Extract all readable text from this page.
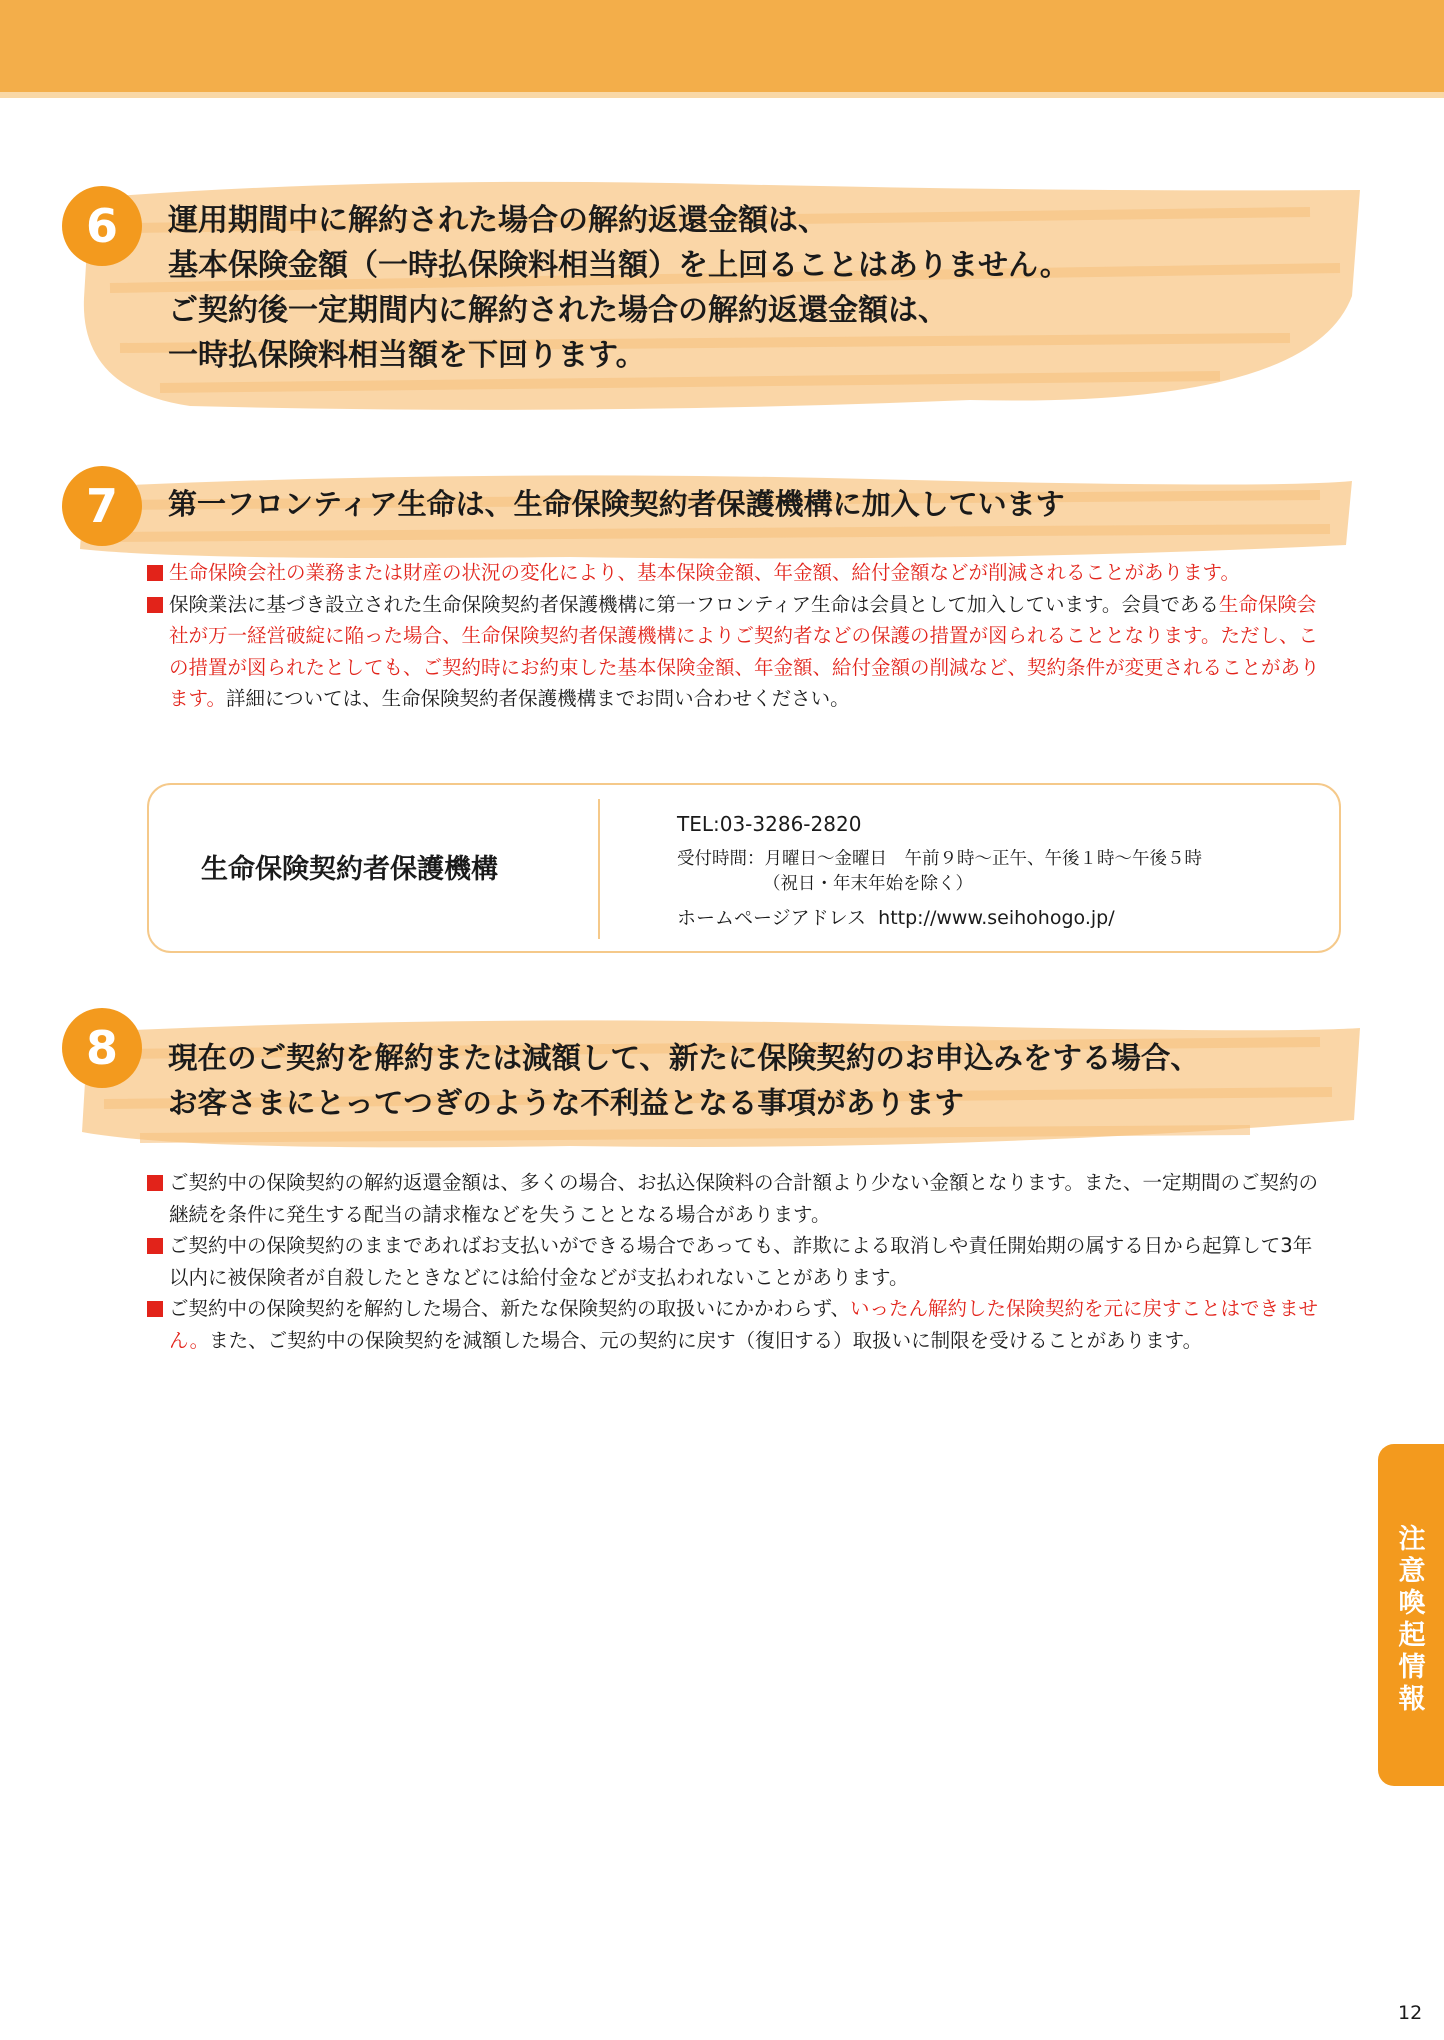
6	運用期間中に解約された場合の解約返還金額は、
基本保険金額（一時払保険料相当額）を上回ることはありません。
ご契約後一定期間内に解約された場合の解約返還金額は、
一時払保険料相当額を下回ります。
7	第一フロンティア生命は、生命保険契約者保護機構に加入しています
生命保険会社の業務または財産の状況の変化により、基本保険金額、年金額、給付金額などが削減されることがあります。
保険業法に基づき設立された生命保険契約者保護機構に第一フロンティア生命は会員として加入しています。会員である生命保険会社が万一経営破綻に陥った場合、生命保険契約者保護機構によりご契約者などの保護の措置が図られることとなります。ただし、この措置が図られたとしても、ご契約時にお約束した基本保険金額、年金額、給付金額の削減など、契約条件が変更されることがあります。詳細については、生命保険契約者保護機構までお問い合わせください。
生命保険契約者保護機構
TEL:03-3286-2820
受付時間：月曜日〜金曜日　午前９時〜正午、午後１時〜午後５時
（祝日・年末年始を除く）
ホームページアドレス http://www.seihohogo.jp/
8	現在のご契約を解約または減額して、新たに保険契約のお申込みをする場合、
お客さまにとってつぎのような不利益となる事項があります
ご契約中の保険契約の解約返還金額は、多くの場合、お払込保険料の合計額より少ない金額となります。また、一定期間のご契約の継続を条件に発生する配当の請求権などを失うこととなる場合があります。
ご契約中の保険契約のままであればお支払いができる場合であっても、詐欺による取消しや責任開始期の属する日から起算して3年以内に被保険者が自殺したときなどには給付金などが支払われないことがあります。
ご契約中の保険契約を解約した場合、新たな保険契約の取扱いにかかわらず、いったん解約した保険契約を元に戻すことはできません。また、ご契約中の保険契約を減額した場合、元の契約に戻す（復旧する）取扱いに制限を受けることがあります。
注意喚起情報
12
